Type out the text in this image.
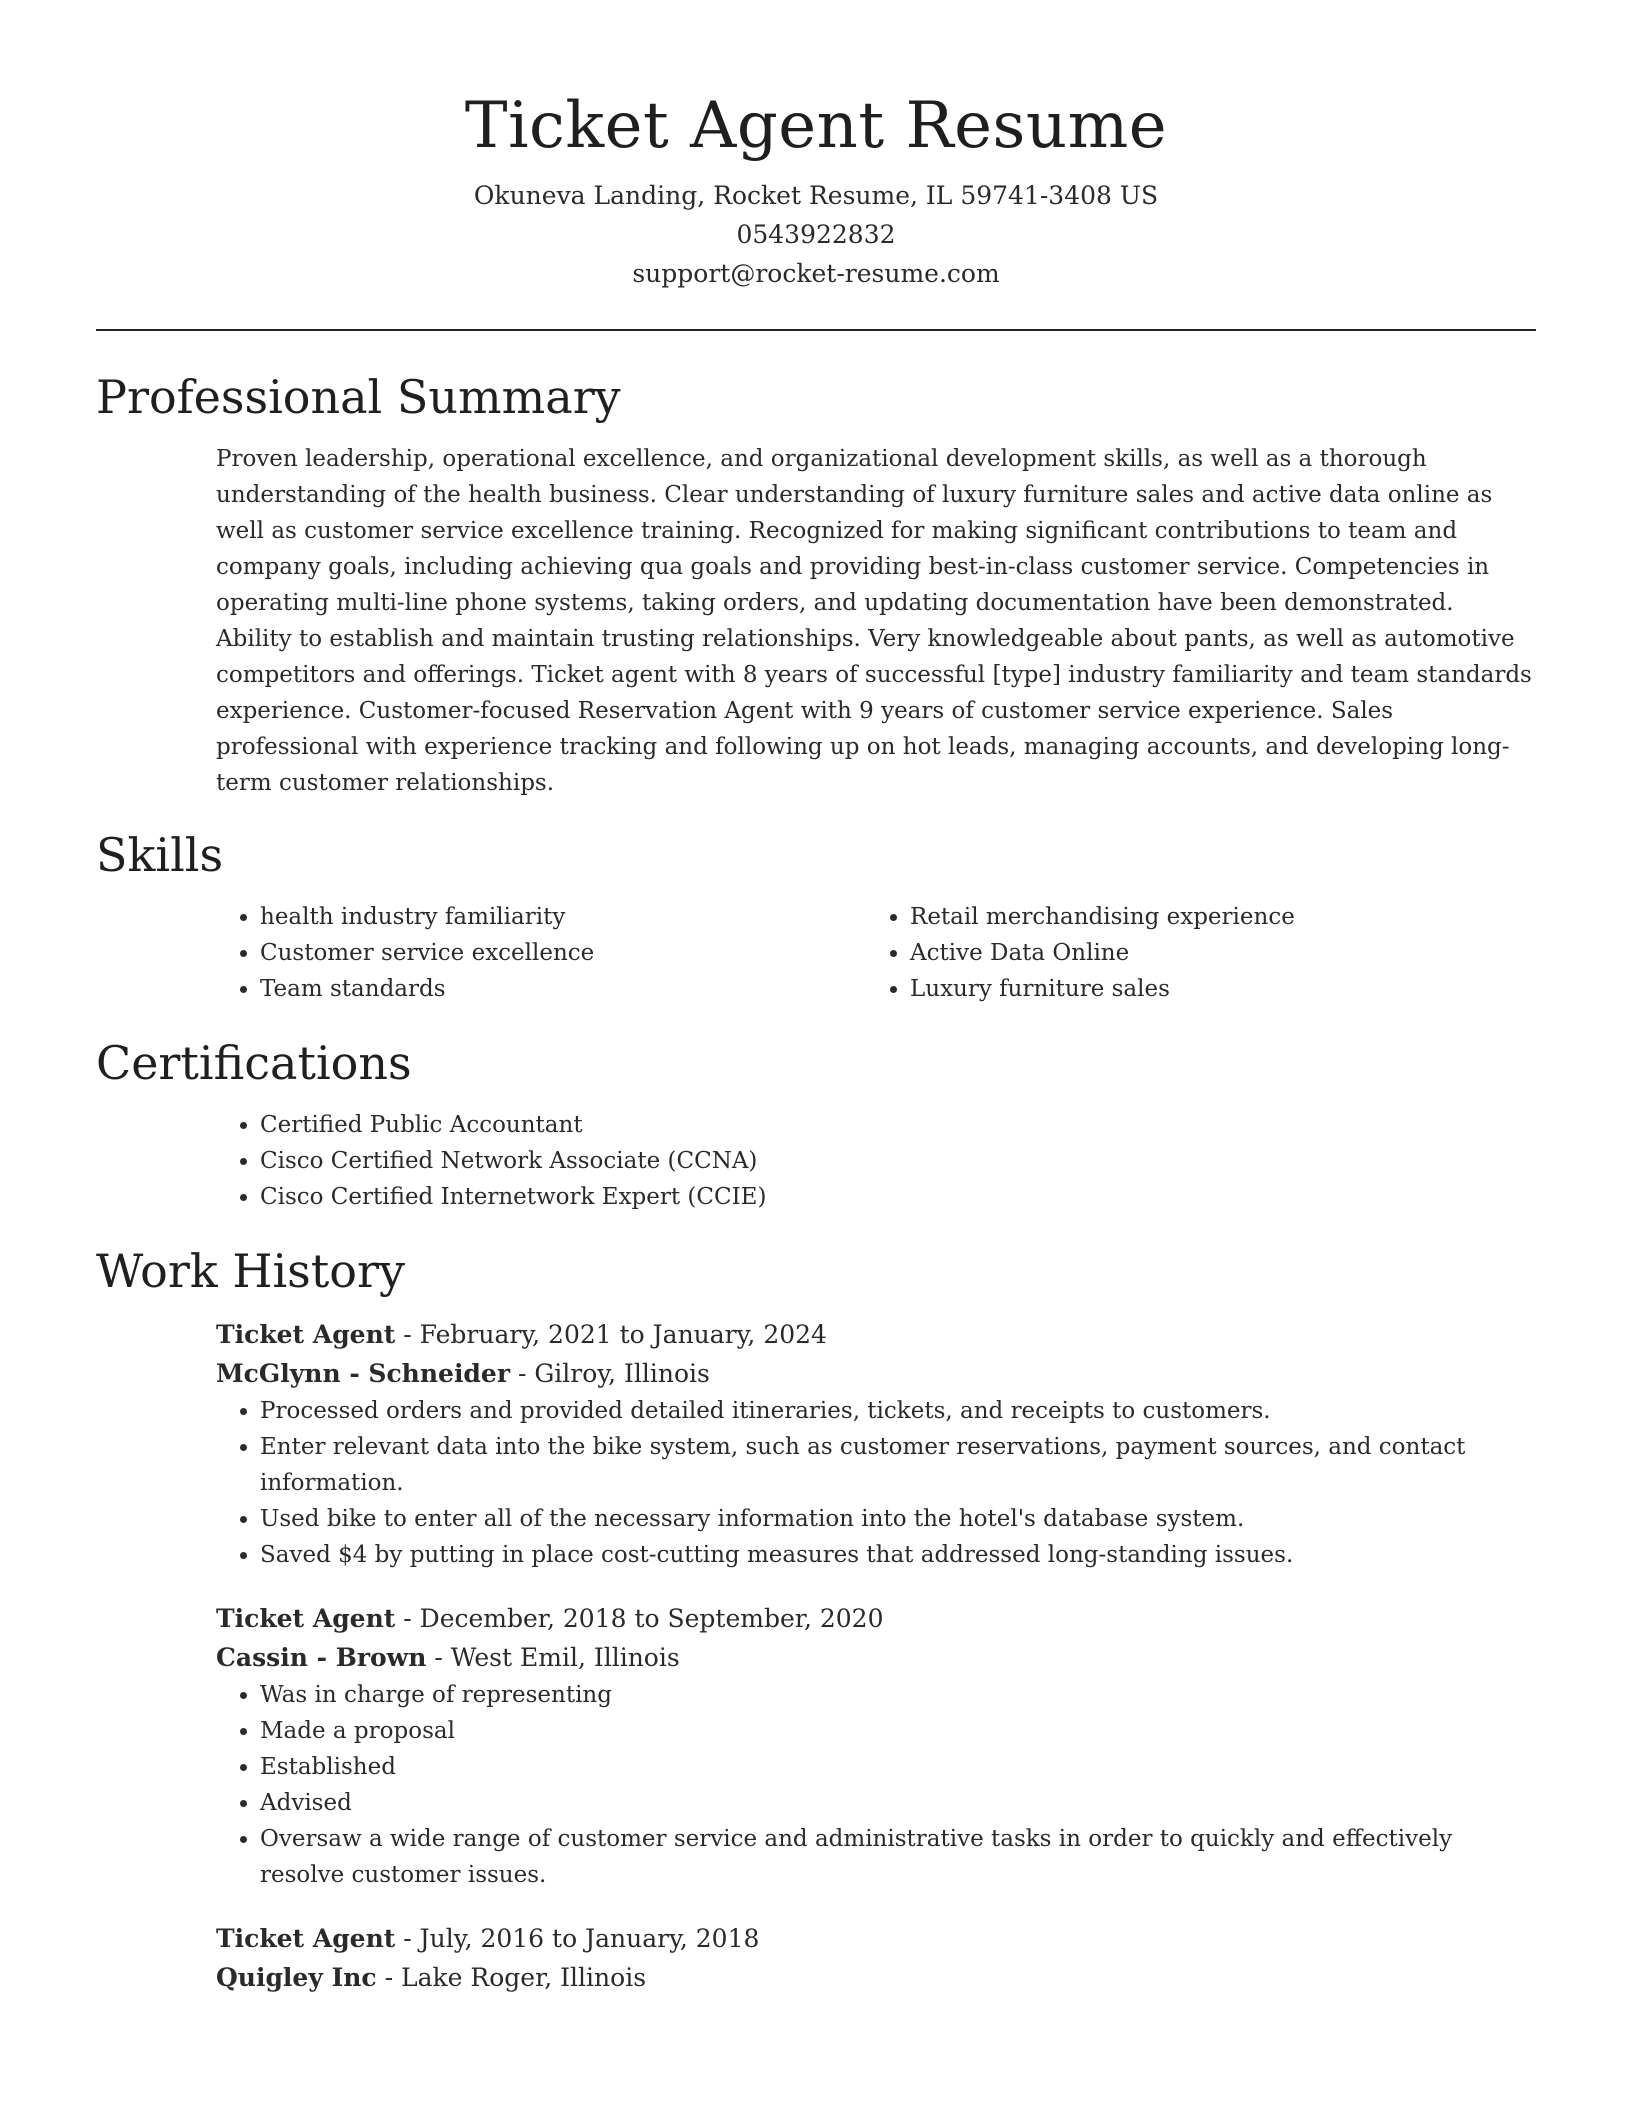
Ticket Agent Resume
Okuneva Landing, Rocket Resume, IL 59741-3408 US
0543922832
support@rocket-resume.com
Professional Summary

Proven leadership, operational excellence, and organizational development skills, as well as a thorough understanding of the health business. Clear understanding of luxury furniture sales and active data online as well as customer service excellence training. Recognized for making significant contributions to team and company goals, including achieving qua goals and providing best-in-class customer service. Competencies in operating multi-line phone systems, taking orders, and updating documentation have been demonstrated. Ability to establish and maintain trusting relationships. Very knowledgeable about pants, as well as automotive competitors and offerings. Ticket agent with 8 years of successful [type] industry familiarity and team standards experience. Customer-focused Reservation Agent with 9 years of customer service experience. Sales professional with experience tracking and following up on hot leads, managing accounts, and developing long-term customer relationships.

Skills
• health industry familiarity
• Customer service excellence
• Team standards
• Retail merchandising experience
• Active Data Online
• Luxury furniture sales
Certifications
• Certified Public Accountant
• Cisco Certified Network Associate (CCNA)
• Cisco Certified Internetwork Expert (CCIE)
Work History
Ticket Agent - February, 2021 to January, 2024
McGlynn - Schneider - Gilroy, Illinois
• Processed orders and provided detailed itineraries, tickets, and receipts to customers.
• Enter relevant data into the bike system, such as customer reservations, payment sources, and contact information.
• Used bike to enter all of the necessary information into the hotel's database system.
• Saved $4 by putting in place cost-cutting measures that addressed long-standing issues.
Ticket Agent - December, 2018 to September, 2020
Cassin - Brown - West Emil, Illinois
• Was in charge of representing
• Made a proposal
• Established
• Advised
• Oversaw a wide range of customer service and administrative tasks in order to quickly and effectively resolve customer issues.
Ticket Agent - July, 2016 to January, 2018
Quigley Inc - Lake Roger, Illinois
